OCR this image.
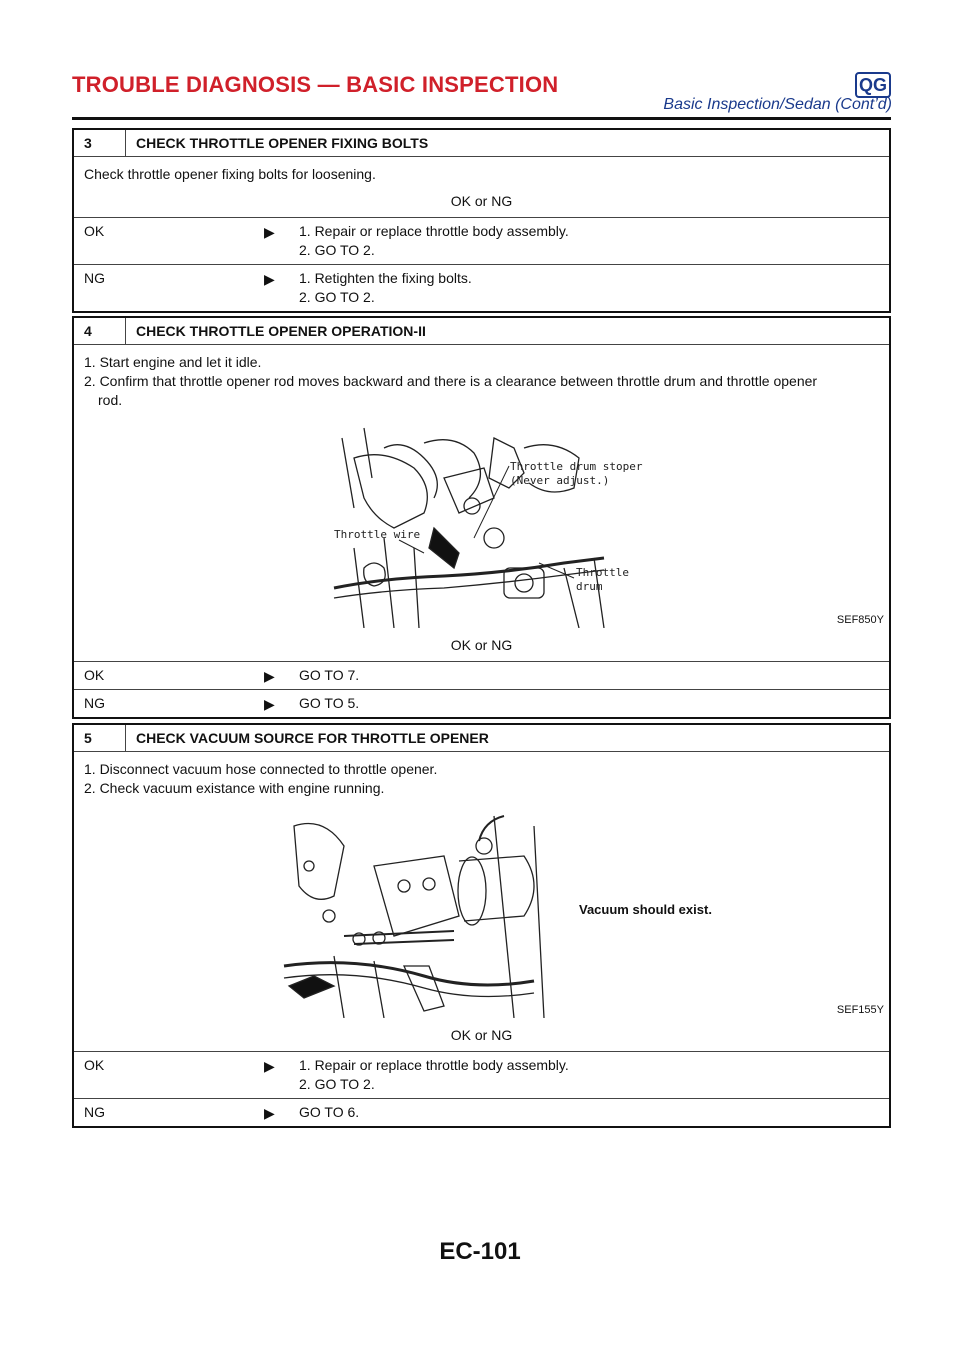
TROUBLE DIAGNOSIS — BASIC INSPECTION	QG
Basic Inspection/Sedan (Cont’d)
3	CHECK THROTTLE OPENER FIXING BOLTS
Check throttle opener fixing bolts for loosening.
OK or NG
OK	▶ 1. Repair or replace throttle body assembly.
2. GO TO 2.
NG	▶ 1. Retighten the fixing bolts.
2. GO TO 2.
4	CHECK THROTTLE OPENER OPERATION-II
1. Start engine and let it idle.
2. Confirm that throttle opener rod moves backward and there is a clearance between throttle drum and throttle opener
rod.
Throttle drum stoper
(Never adjust.)
Throttle wire
Throttle
drum
SEF850Y
OK or NG
OK	▶ GO TO 7.
NG	▶ GO TO 5.
5	CHECK VACUUM SOURCE FOR THROTTLE OPENER
1. Disconnect vacuum hose connected to throttle opener.
2. Check vacuum existance with engine running.
Vacuum should exist.
SEF155Y
OK or NG
OK	▶ 1. Repair or replace throttle body assembly.
2. GO TO 2.
NG	▶ GO TO 6.
EC-101
